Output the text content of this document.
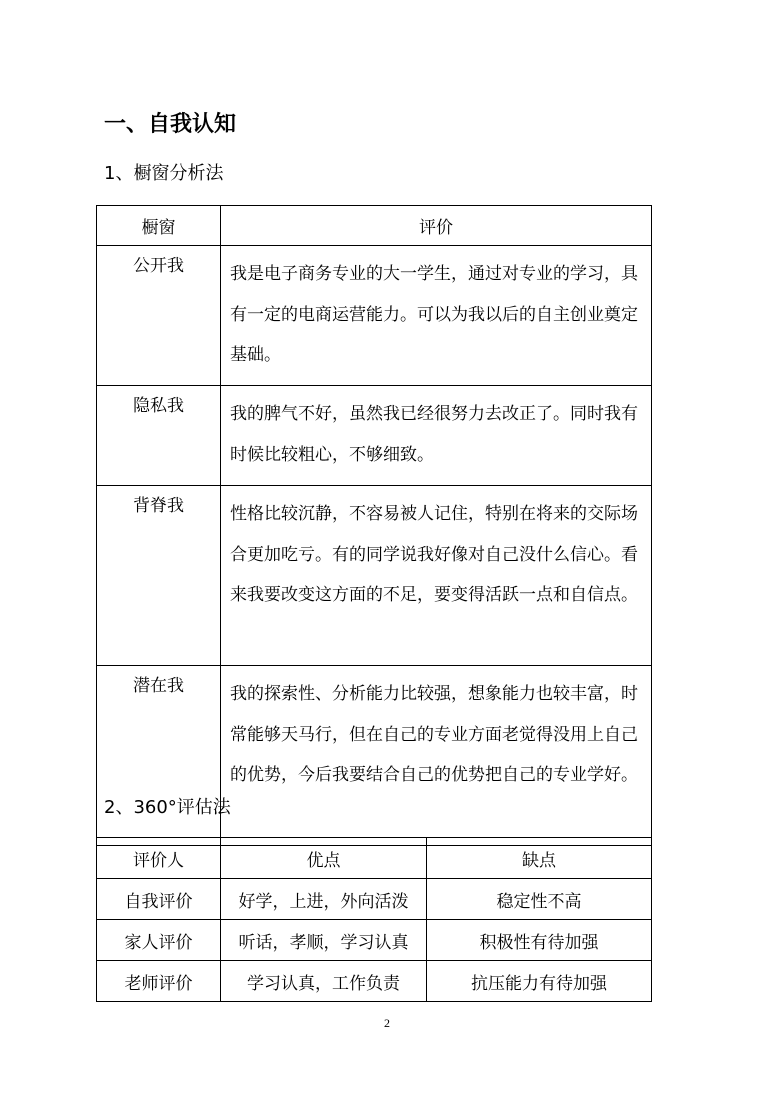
一、自我认知
1、橱窗分析法
橱窗	评价
公开我	我是电子商务专业的大一学生，通过对专业的学习，具有一定的电商运营能力。可以为我以后的自主创业奠定基础。
隐私我	我的脾气不好，虽然我已经很努力去改正了。同时我有时候比较粗心，不够细致。
背脊我	性格比较沉静，不容易被人记住，特别在将来的交际场合更加吃亏。有的同学说我好像对自己没什么信心。看来我要改变这方面的不足，要变得活跃一点和自信点。
潜在我	我的探索性、分析能力比较强，想象能力也较丰富，时常能够天马行，但在自己的专业方面老觉得没用上自己的优势，今后我要结合自己的优势把自己的专业学好。
2、360°评估法
评价人	优点	缺点
自我评价	好学，上进，外向活泼	稳定性不高
家人评价	听话，孝顺，学习认真	积极性有待加强
老师评价	学习认真，工作负责	抗压能力有待加强
2
